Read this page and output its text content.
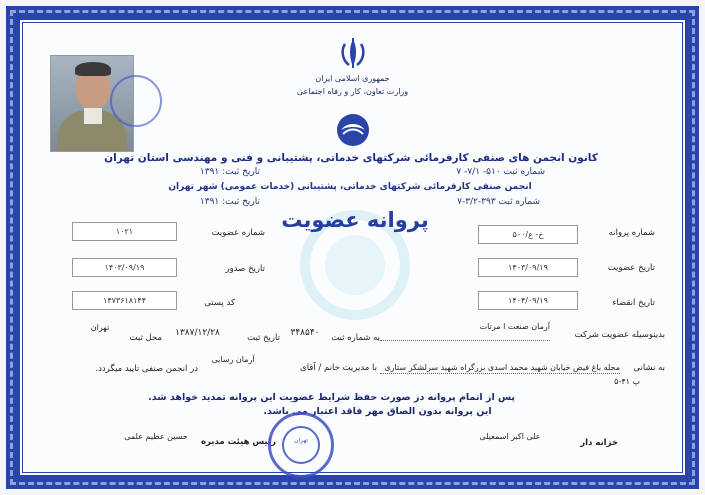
جمهوری اسلامی ایران
وزارت تعاون، کار و رفاه اجتماعی
کانون انجمن های صنفی کارفرمائی شرکتهای خدماتی، پشتیبانی و فنی و مهندسی استان تهران
شماره ثبت ۵۱۰- ۷/۱- ۷
تاریخ ثبت: ۱۳۹۱
انجمن صنفی کارفرمائی شرکتهای خدماتی، پشتیبانی (خدمات عمومی) شهر تهران
شماره ثبت ۳۹۳-۳/۲-۷
تاریخ ثبت: ۱۳۹۱
پروانه عضویت
شماره پروانه
۵۰۰/خ- ع
تاریخ عضویت
۱۴۰۳/۰۹/۱۹
تاریخ انقضاء
۱۴۰۴/۰۹/۱۹
شماره عضویت
۱۰۲۱
تاریخ صدور
۱۴۰۳/۰۹/۱۹
کد پستی
۱۴۷۳۶۱۸۱۴۴
بدینوسیله عضویت شرکت
آرمان صنعت ا مرتات
به شماره ثبت
۳۴۸۵۴۰
تاریخ ثبت
۱۳۸۷/۱۲/۲۸
محل ثبت
تهران
به نشانی
محله باغ فیض خیابان شهید محمد اسدی بزرگراه شهید سرلشکر ستاری
با مدیریت خانم / آقای
آرمان رسایی
در انجمن صنفی تایید میگردد.
پ ۴۱-۵
پس از اتمام پروانه در صورت حفظ شرایط عضویت این پروانه تمدید خواهد شد.
این پروانه بدون الصاق مهر فاقد اعتبار می باشد.
خزانه دار
علی اکبر اسمعیلی
رئیس هیئت مدیره
حسین عظیم علمی	تهران
